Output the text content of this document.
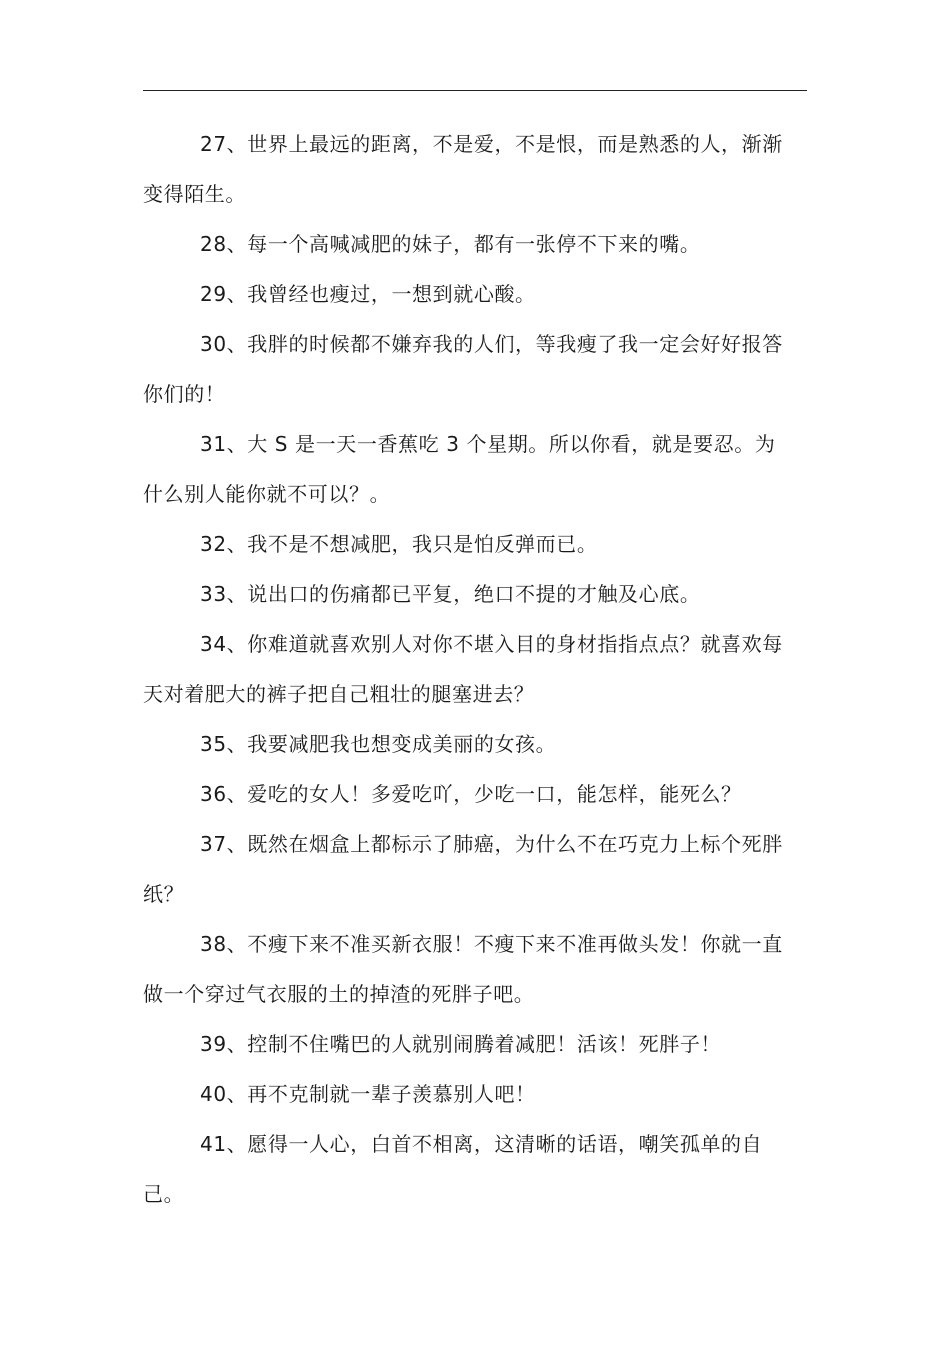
27、世界上最远的距离，不是爱，不是恨，而是熟悉的人，渐渐变得陌生。

28、每一个高喊减肥的妹子，都有一张停不下来的嘴。

29、我曾经也瘦过，一想到就心酸。

30、我胖的时候都不嫌弃我的人们，等我瘦了我一定会好好报答你们的！

31、大 S 是一天一香蕉吃 3 个星期。所以你看，就是要忍。为什么别人能你就不可以？。

32、我不是不想减肥，我只是怕反弹而已。

33、说出口的伤痛都已平复，绝口不提的才触及心底。

34、你难道就喜欢别人对你不堪入目的身材指指点点？就喜欢每天对着肥大的裤子把自己粗壮的腿塞进去？

35、我要减肥我也想变成美丽的女孩。

36、爱吃的女人！多爱吃吖，少吃一口，能怎样，能死么？

37、既然在烟盒上都标示了肺癌，为什么不在巧克力上标个死胖纸？

38、不瘦下来不准买新衣服！不瘦下来不准再做头发！你就一直做一个穿过气衣服的土的掉渣的死胖子吧。

39、控制不住嘴巴的人就别闹腾着减肥！活该！死胖子！

40、再不克制就一辈子羡慕别人吧！

41、愿得一人心，白首不相离，这清晰的话语，嘲笑孤单的自己。
